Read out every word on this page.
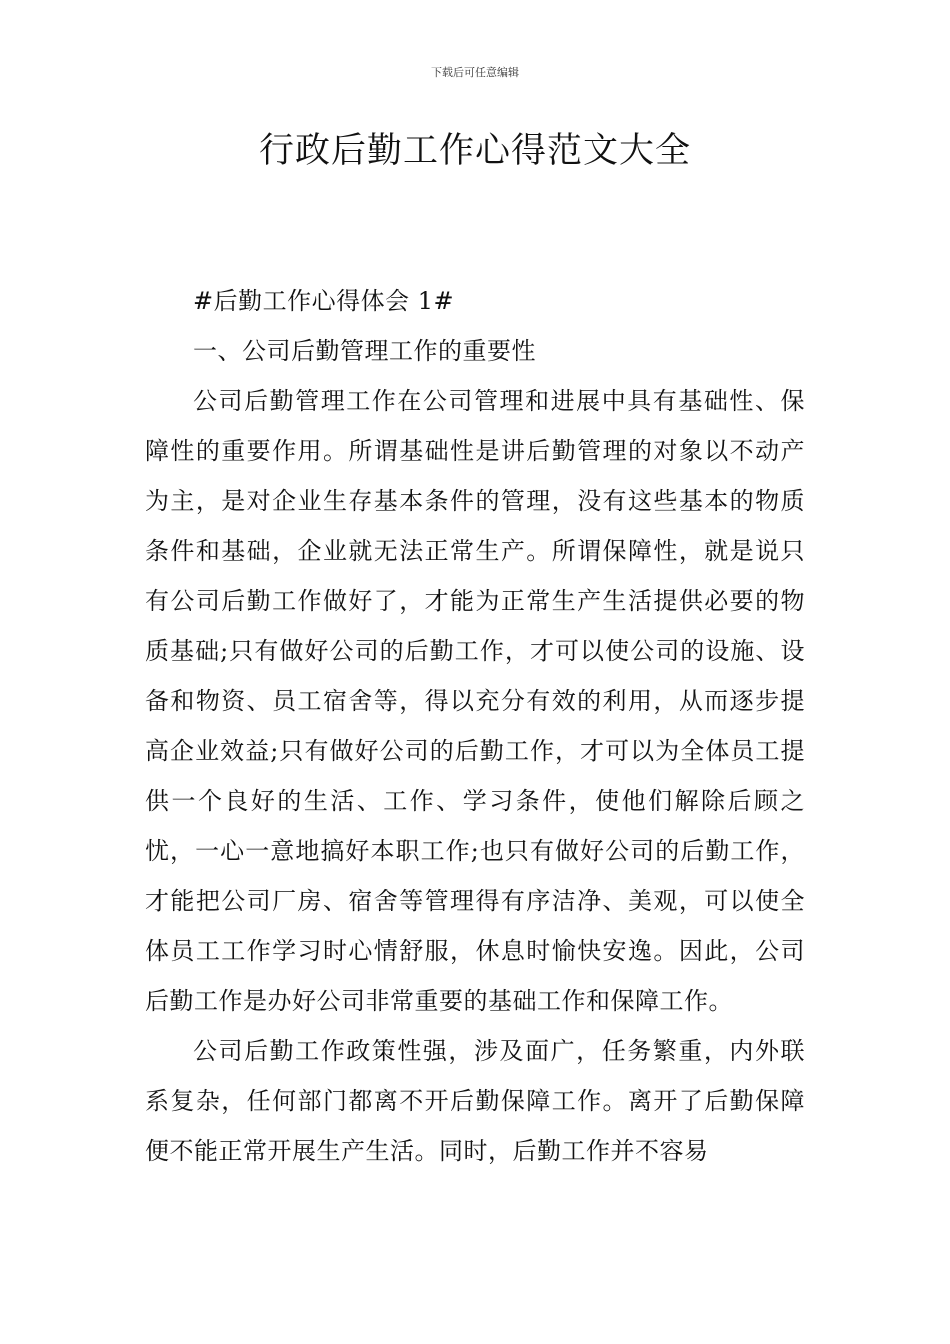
下载后可任意编辑
行政后勤工作心得范文大全

#后勤工作心得体会 1#

一、公司后勤管理工作的重要性

公司后勤管理工作在公司管理和进展中具有基础性、保障性的重要作用。所谓基础性是讲后勤管理的对象以不动产为主，是对企业生存基本条件的管理，没有这些基本的物质条件和基础，企业就无法正常生产。所谓保障性，就是说只有公司后勤工作做好了，才能为正常生产生活提供必要的物质基础;只有做好公司的后勤工作，才可以使公司的设施、设备和物资、员工宿舍等，得以充分有效的利用，从而逐步提高企业效益;只有做好公司的后勤工作，才可以为全体员工提供一个良好的生活、工作、学习条件，使他们解除后顾之忧，一心一意地搞好本职工作;也只有做好公司的后勤工作，才能把公司厂房、宿舍等管理得有序洁净、美观，可以使全体员工工作学习时心情舒服，休息时愉快安逸。因此，公司后勤工作是办好公司非常重要的基础工作和保障工作。

公司后勤工作政策性强，涉及面广，任务繁重，内外联系复杂，任何部门都离不开后勤保障工作。离开了后勤保障便不能正常开展生产生活。同时，后勤工作并不容易
